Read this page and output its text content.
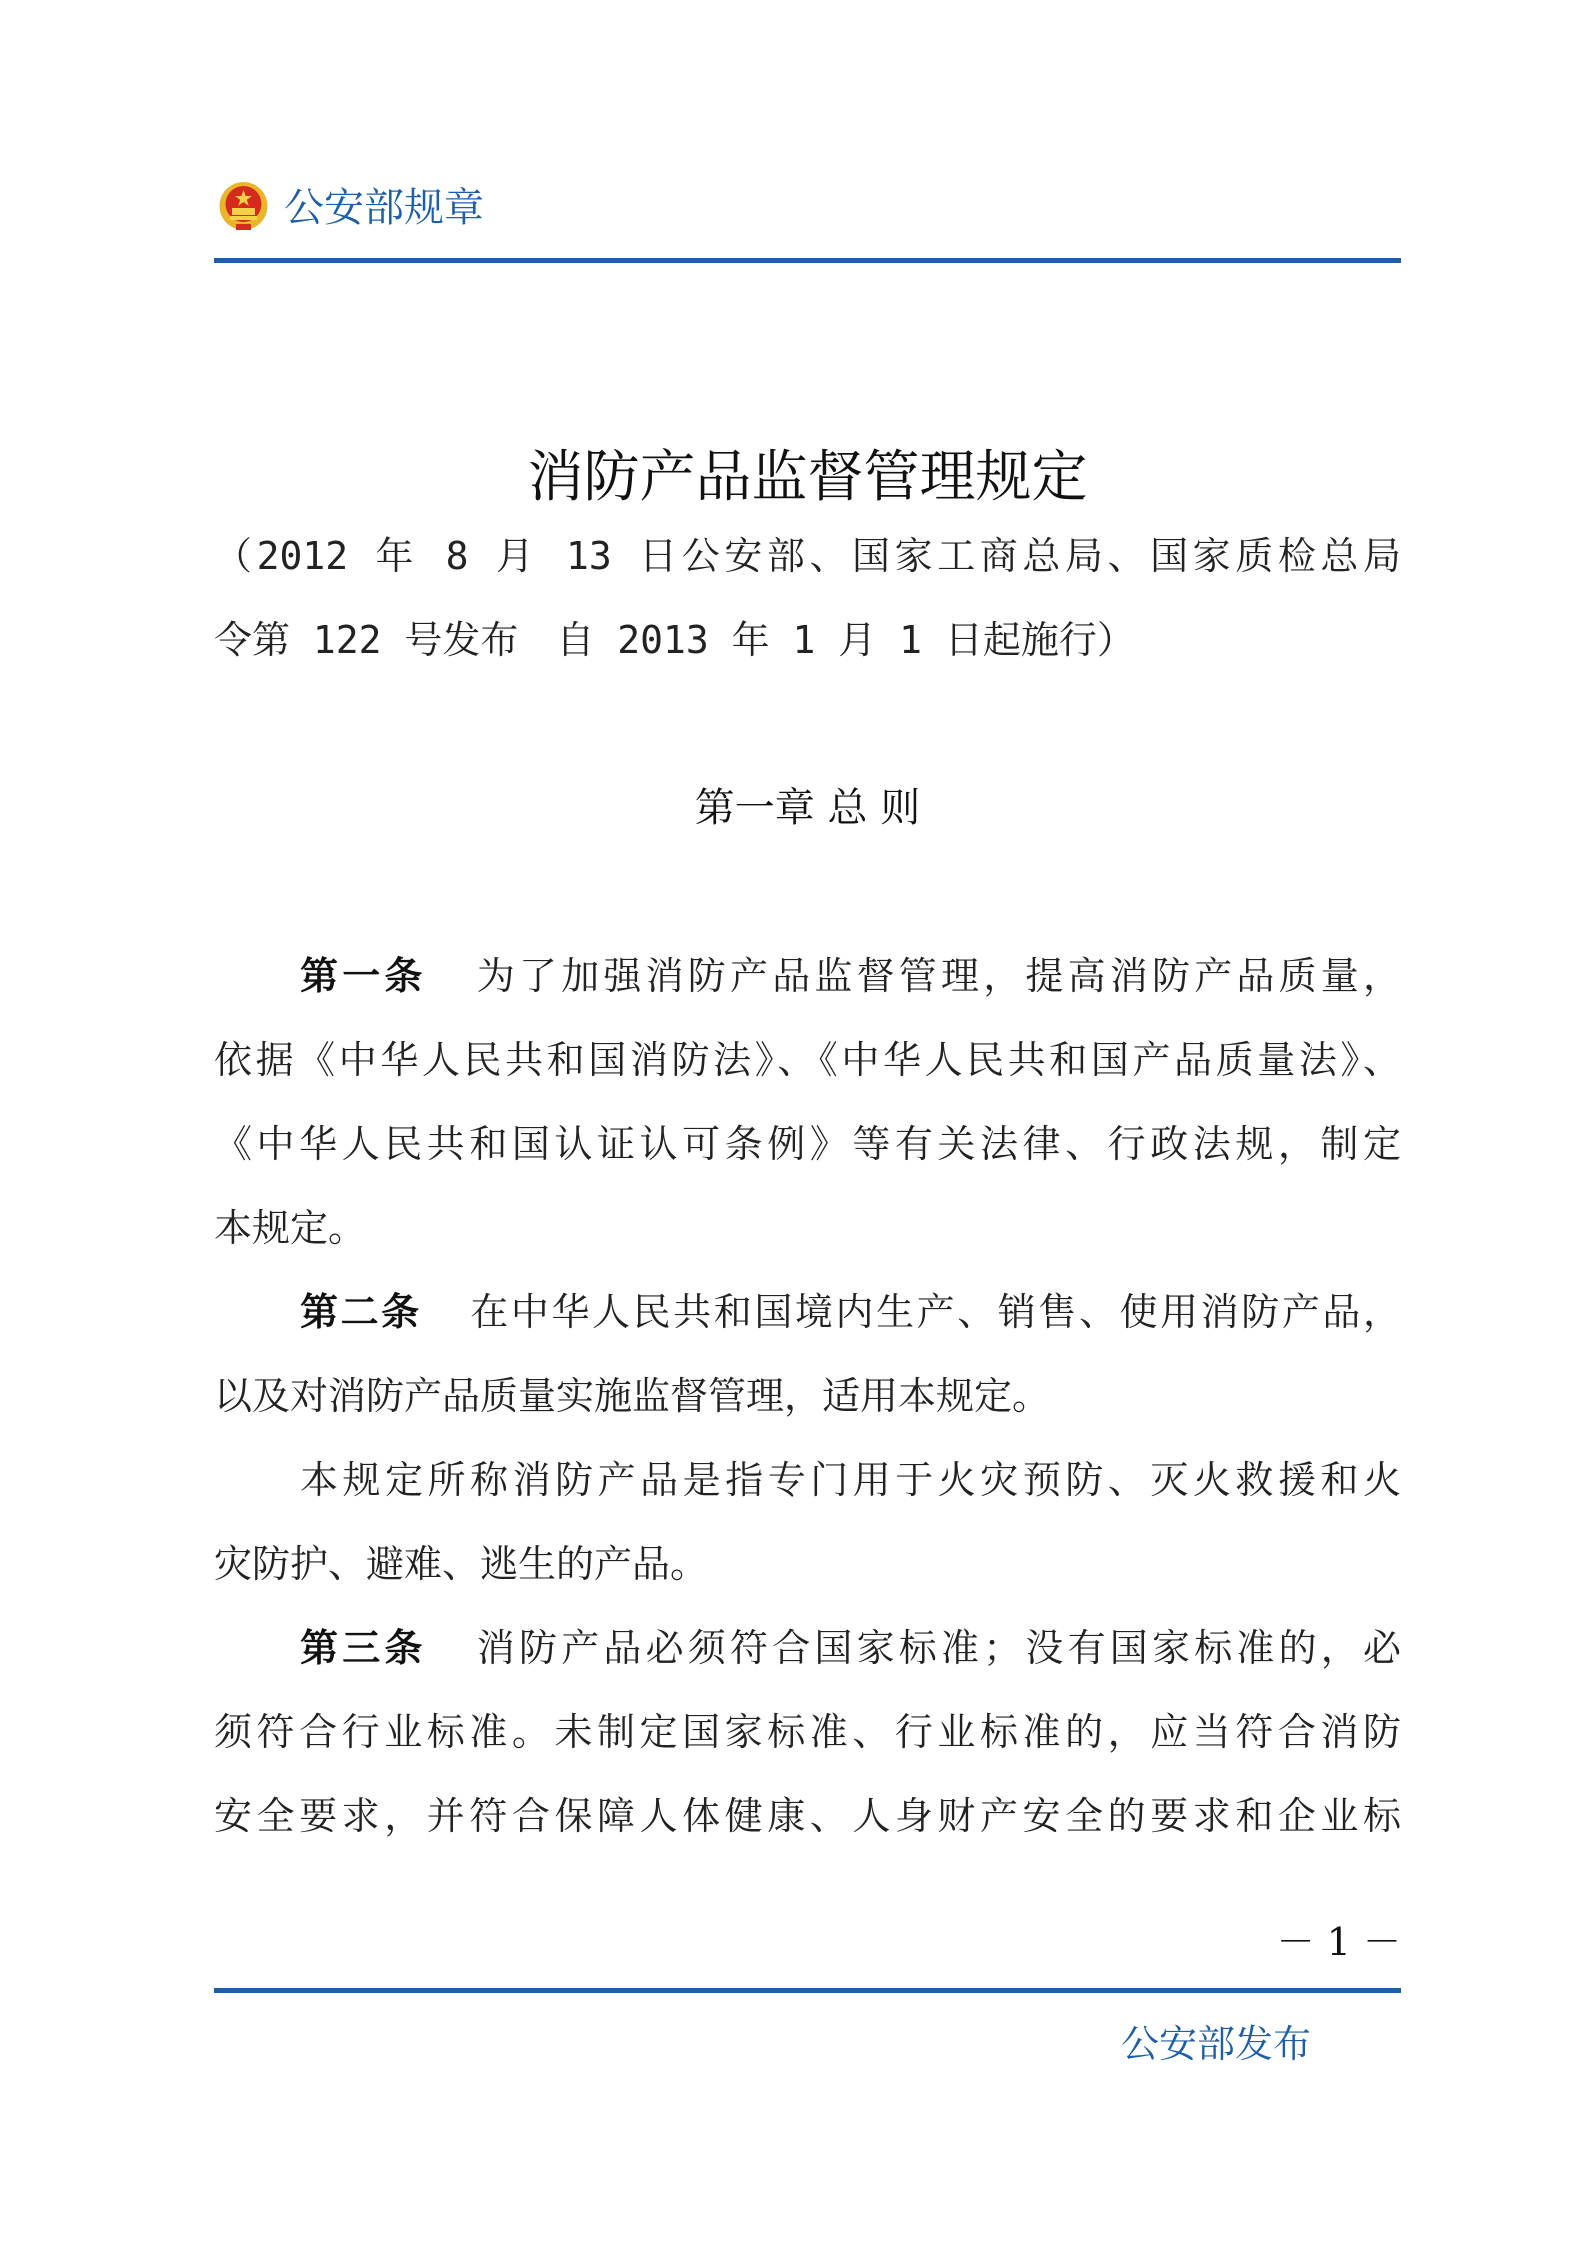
公安部规章
消防产品监督管理规定
（2012 年 8 月 13 日公安部、国家工商总局、国家质检总局
令第 122 号发布　自 2013 年 1 月 1 日起施行）
第一章 总 则
第一条 为了加强消防产品监督管理，提高消防产品质量，
依据《中华人民共和国消防法》、《中华人民共和国产品质量法》、
《中华人民共和国认证认可条例》等有关法律、行政法规，制定
本规定。
第二条 在中华人民共和国境内生产、销售、使用消防产品，
以及对消防产品质量实施监督管理，适用本规定。
本规定所称消防产品是指专门用于火灾预防、灭火救援和火
灾防护、避难、逃生的产品。
第三条 消防产品必须符合国家标准；没有国家标准的，必
须符合行业标准。未制定国家标准、行业标准的，应当符合消防
安全要求，并符合保障人体健康、人身财产安全的要求和企业标
－ 1 －
公安部发布
